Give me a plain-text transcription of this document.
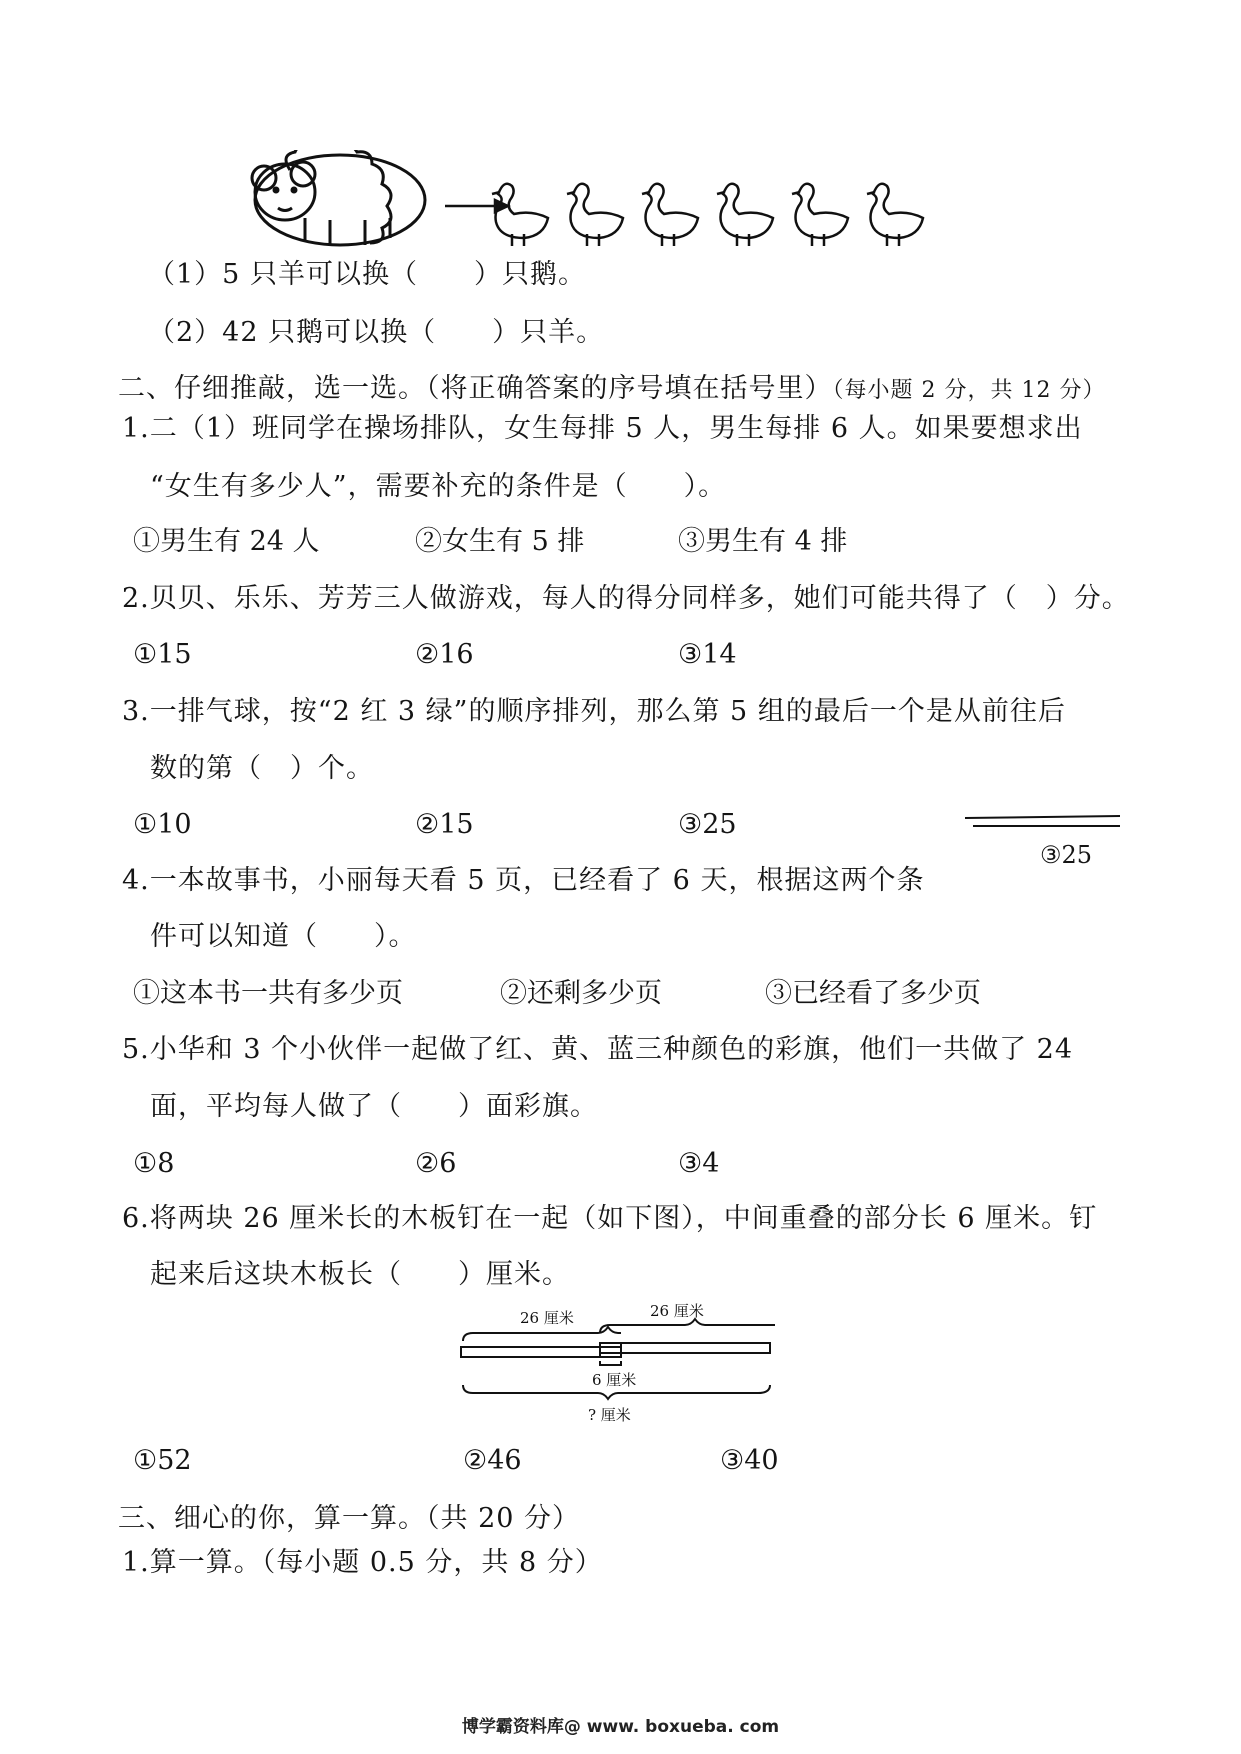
（1）5 只羊可以换（　　）只鹅。
（2）42 只鹅可以换（　　）只羊。
二、仔细推敲，选一选。（将正确答案的序号填在括号里）（每小题 2 分，共 12 分）
1.二（1）班同学在操场排队，女生每排 5 人，男生每排 6 人。如果要想求出
“女生有多少人”，需要补充的条件是（　　）。
①男生有 24 人	②女生有 5 排	③男生有 4 排
2.贝贝、乐乐、芳芳三人做游戏，每人的得分同样多，她们可能共得了（　）分。
①15	②16	③14
3.一排气球，按“2 红 3 绿”的顺序排列，那么第 5 组的最后一个是从前往后
数的第（　）个。
①10	②15	③25
③25
4.一本故事书，小丽每天看 5 页，已经看了 6 天，根据这两个条
件可以知道（　　）。
①这本书一共有多少页	②还剩多少页	③已经看了多少页
5.小华和 3 个小伙伴一起做了红、黄、蓝三种颜色的彩旗，他们一共做了 24
面，平均每人做了（　　）面彩旗。
①8	②6	③4
6.将两块 26 厘米长的木板钉在一起（如下图），中间重叠的部分长 6 厘米。钉
起来后这块木板长（　　）厘米。
26 厘米	26 厘米
6 厘米
? 厘米
①52	②46	③40
三、细心的你，算一算。（共 20 分）
1.算一算。（每小题 0.5 分，共 8 分）
博学霸资料库@ www. boxueba. com
